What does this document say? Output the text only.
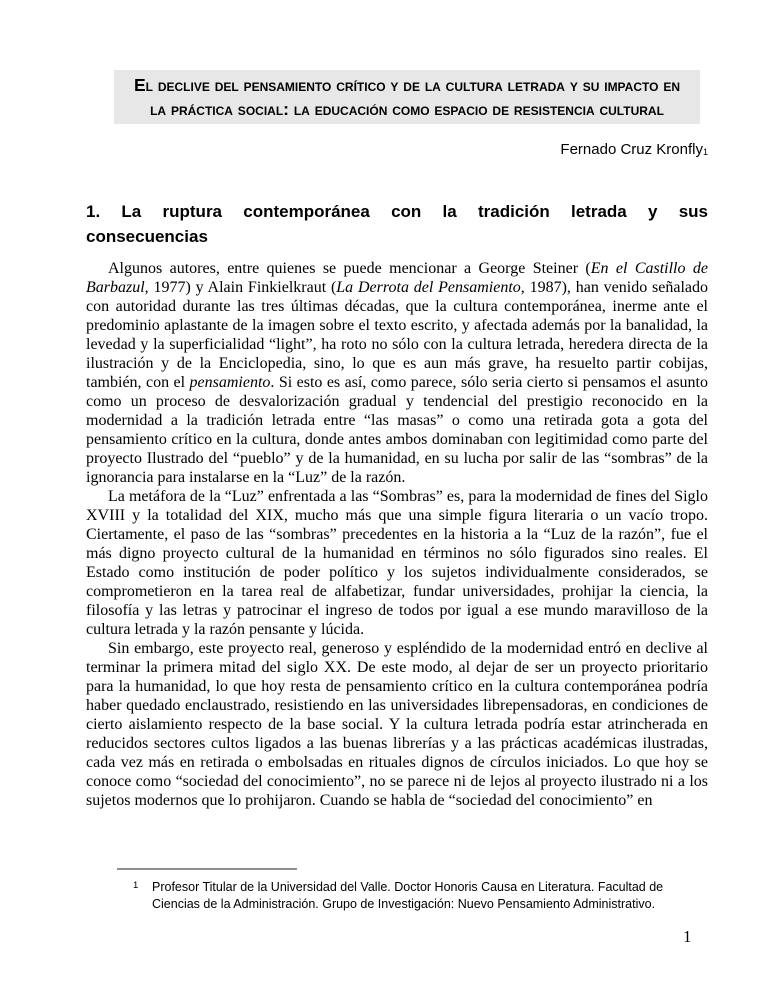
El declive del pensamiento crítico y de la cultura letrada y su impacto en la práctica social: la educación como espacio de resistencia cultural
Fernado Cruz Kronfly1
1. La ruptura contemporánea con la tradición letrada y sus
consecuencias

Algunos autores, entre quienes se puede mencionar a George Steiner (En el Castillo de Barbazul, 1977) y Alain Finkielkraut (La Derrota del Pensamiento, 1987), han venido señalado con autoridad durante las tres últimas décadas, que la cultura contemporánea, inerme ante el predominio aplastante de la imagen sobre el texto escrito, y afectada además por la banalidad, la levedad y la superficialidad “light”, ha roto no sólo con la cultura letrada, heredera directa de la ilustración y de la Enciclopedia, sino, lo que es aun más grave, ha resuelto partir cobijas, también, con el pensamiento. Si esto es así, como parece, sólo seria cierto si pensamos el asunto como un proceso de desvalorización gradual y tendencial del prestigio reconocido en la modernidad a la tradición letrada entre “las masas” o como una retirada gota a gota del pensamiento crítico en la cultura, donde antes ambos dominaban con legitimidad como parte del proyecto Ilustrado del “pueblo” y de la humanidad, en su lucha por salir de las “sombras” de la ignorancia para instalarse en la “Luz” de la razón.

La metáfora de la “Luz” enfrentada a las “Sombras” es, para la modernidad de fines del Siglo XVIII y la totalidad del XIX, mucho más que una simple figura literaria o un vacío tropo. Ciertamente, el paso de las “sombras” precedentes en la historia a la “Luz de la razón”, fue el más digno proyecto cultural de la humanidad en términos no sólo figurados sino reales. El Estado como institución de poder político y los sujetos individualmente considerados, se comprometieron en la tarea real de alfabetizar, fundar universidades, prohijar la ciencia, la filosofía y las letras y patrocinar el ingreso de todos por igual a ese mundo maravilloso de la cultura letrada y la razón pensante y lúcida.

Sin embargo, este proyecto real, generoso y espléndido de la modernidad entró en declive al terminar la primera mitad del siglo XX. De este modo, al dejar de ser un proyecto prioritario para la humanidad, lo que hoy resta de pensamiento crítico en la cultura contemporánea podría haber quedado enclaustrado, resistiendo en las universidades librepensadoras, en condiciones de cierto aislamiento respecto de la base social. Y la cultura letrada podría estar atrincherada en reducidos sectores cultos ligados a las buenas librerías y a las prácticas académicas ilustradas, cada vez más en retirada o embolsadas en rituales dignos de círculos iniciados. Lo que hoy se conoce como “sociedad del conocimiento”, no se parece ni de lejos al proyecto ilustrado ni a los sujetos modernos que lo prohijaron. Cuando se habla de “sociedad del conocimiento” en

1	Profesor Titular de la Universidad del Valle. Doctor Honoris Causa en Literatura. Facultad de Ciencias de la Administración. Grupo de Investigación: Nuevo Pensamiento Administrativo.
1
